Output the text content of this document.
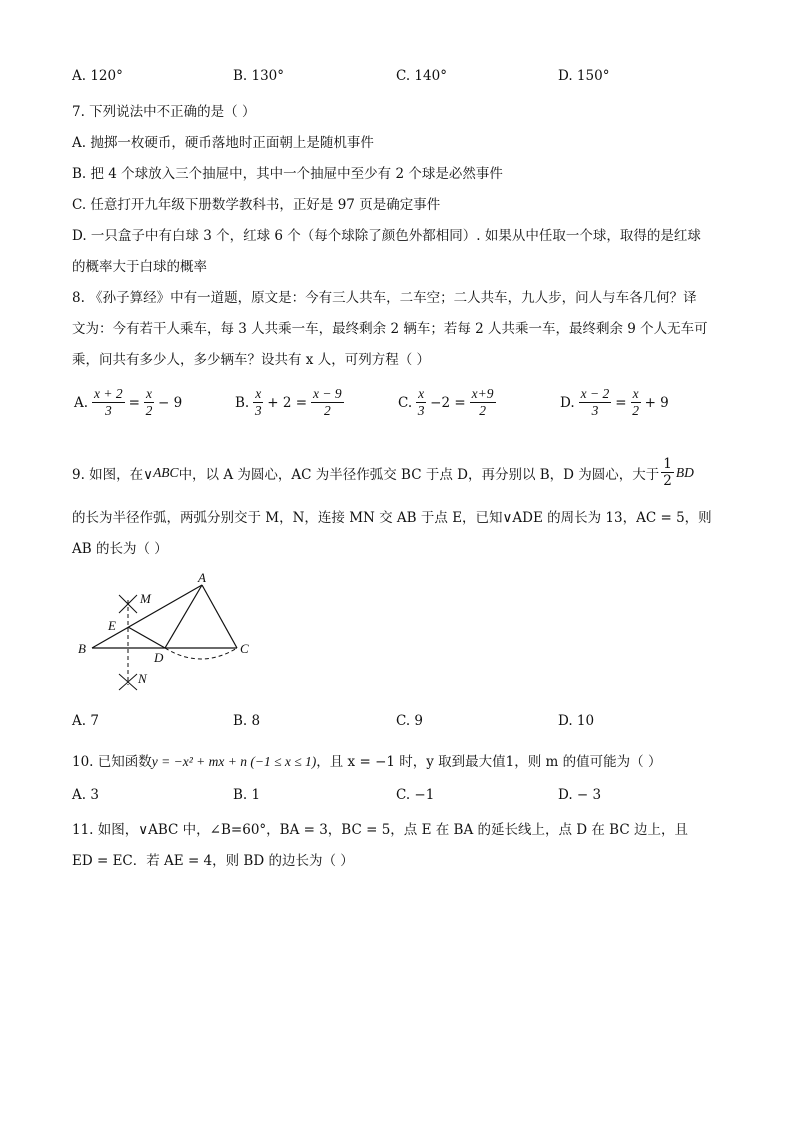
A. 120°	B. 130°	C. 140°	D. 150°
7. 下列说法中不正确的是（ ）
A. 抛掷一枚硬币，硬币落地时正面朝上是随机事件
B. 把 4 个球放入三个抽屉中，其中一个抽屉中至少有 2 个球是必然事件
C. 任意打开九年级下册数学教科书，正好是 97 页是确定事件
D. 一只盒子中有白球 3 个，红球 6 个（每个球除了颜色外都相同）. 如果从中任取一个球，取得的是红球
的概率大于白球的概率
8. 《孙子算经》中有一道题，原文是：今有三人共车，二车空；二人共车，九人步，问人与车各几何？译
文为：今有若干人乘车，每 3 人共乘一车，最终剩余 2 辆车；若每 2 人共乘一车，最终剩余 9 个人无车可
乘，问共有多少人，多少辆车？设共有 x 人，可列方程（ ）
A. $\frac{x + 2}{3} = \frac{x}{2} - 9$	B. $\frac{x}{3} + 2 = \frac{x - 9}{2}$	C. $\frac{x}{3} -2 = \frac{x+9}{2}$	D. $\frac{x - 2}{3} = \frac{x}{2} + 9$
9. 如图，在∨ ABC 中，以 A 为圆心，AC 为半径作弧交 BC 于点 D，再分别以 B，D 为圆心，大于 $\frac{1}{2}$ BD
的长为半径作弧，两弧分别交于 M，N，连接 MN 交 AB 于点 E，已知∨ADE 的周长为 13，AC = 5，则
AB 的长为（ ）
A
B	C
D
E
M
N
A. 7	B. 8	C. 9	D. 10
10. 已知函数y = −x² + mx + n (−1 ≤ x ≤ 1)，且 x = −1 时，y 取到最大值1，则 m 的值可能为（ ）
A. 3	B. 1	C. −1	D. − 3
11. 如图，∨ABC 中，∠B=60°，BA = 3，BC = 5，点 E 在 BA 的延长线上，点 D 在 BC 边上，且
ED = EC．若 AE = 4，则 BD 的边长为（ ）
